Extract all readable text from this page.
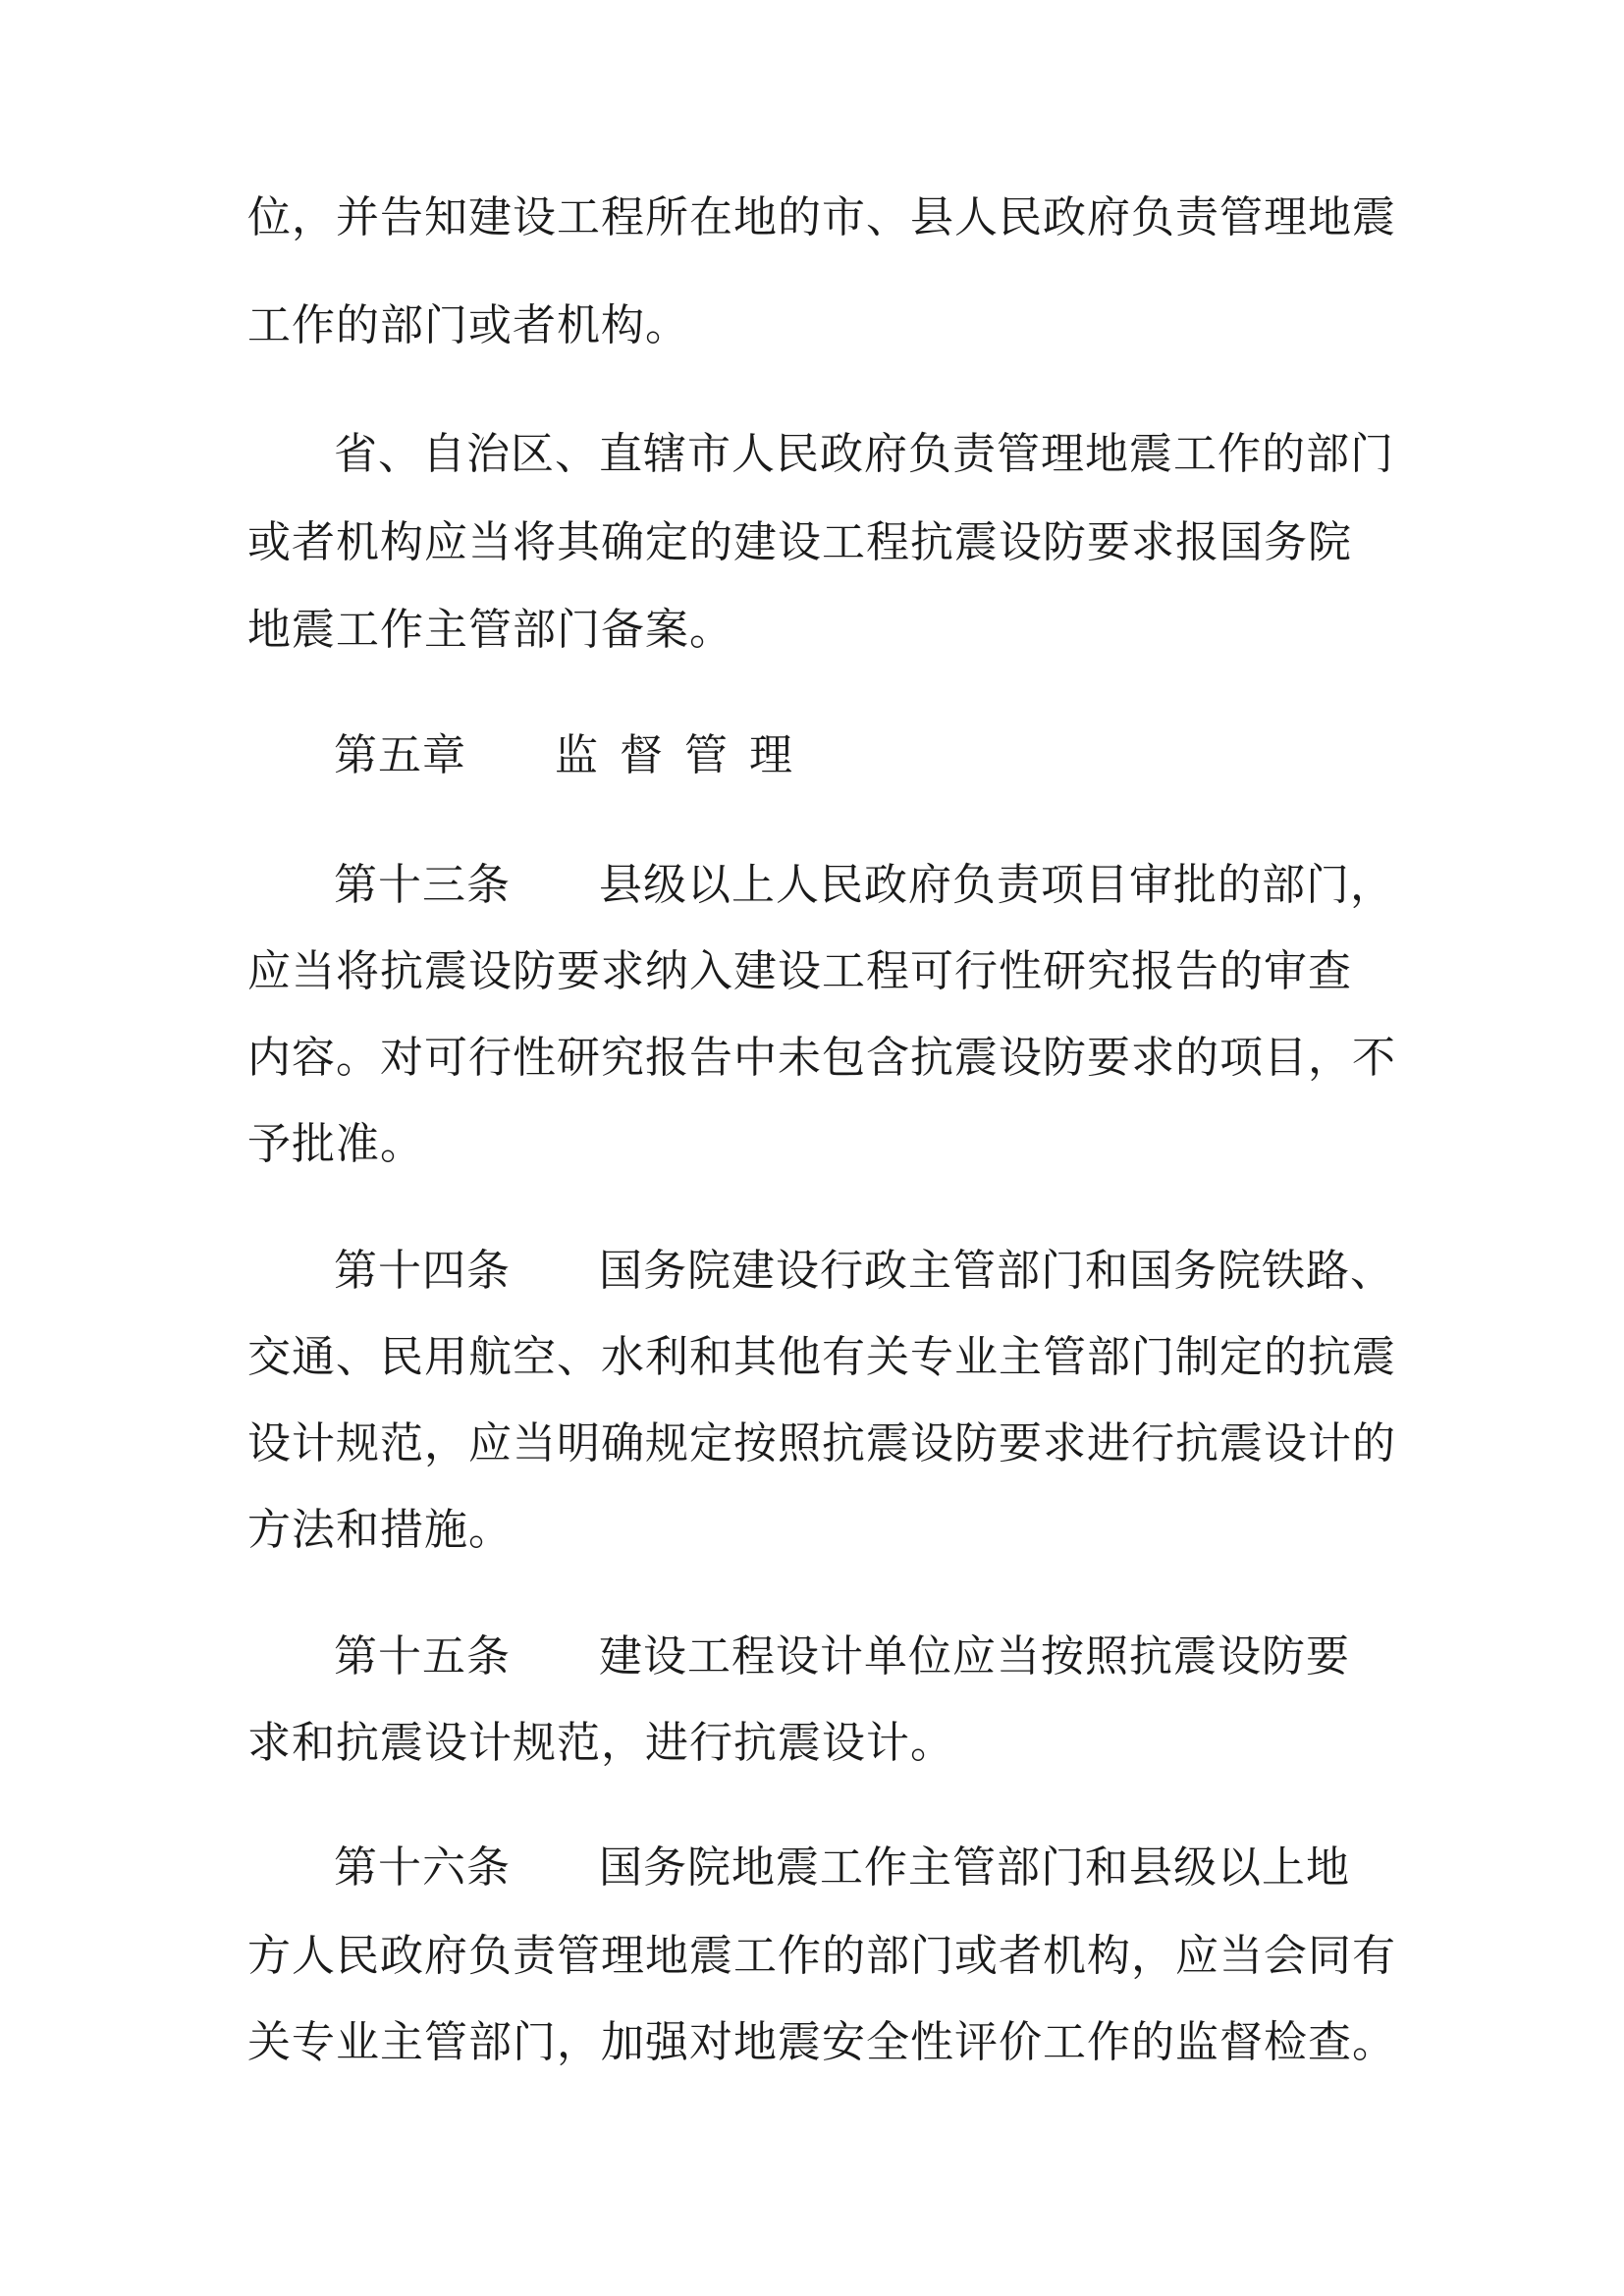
位，并告知建设工程所在地的市、县人民政府负责管理地震
工作的部门或者机构。
省、自治区、直辖市人民政府负责管理地震工作的部门
或者机构应当将其确定的建设工程抗震设防要求报国务院
地震工作主管部门备案。
第五章 监督管理
第十三条 县级以上人民政府负责项目审批的部门，
应当将抗震设防要求纳入建设工程可行性研究报告的审查
内容。对可行性研究报告中未包含抗震设防要求的项目，不
予批准。
第十四条 国务院建设行政主管部门和国务院铁路、
交通、民用航空、水利和其他有关专业主管部门制定的抗震
设计规范，应当明确规定按照抗震设防要求进行抗震设计的
方法和措施。
第十五条 建设工程设计单位应当按照抗震设防要
求和抗震设计规范，进行抗震设计。
第十六条 国务院地震工作主管部门和县级以上地
方人民政府负责管理地震工作的部门或者机构，应当会同有
关专业主管部门，加强对地震安全性评价工作的监督检查。
